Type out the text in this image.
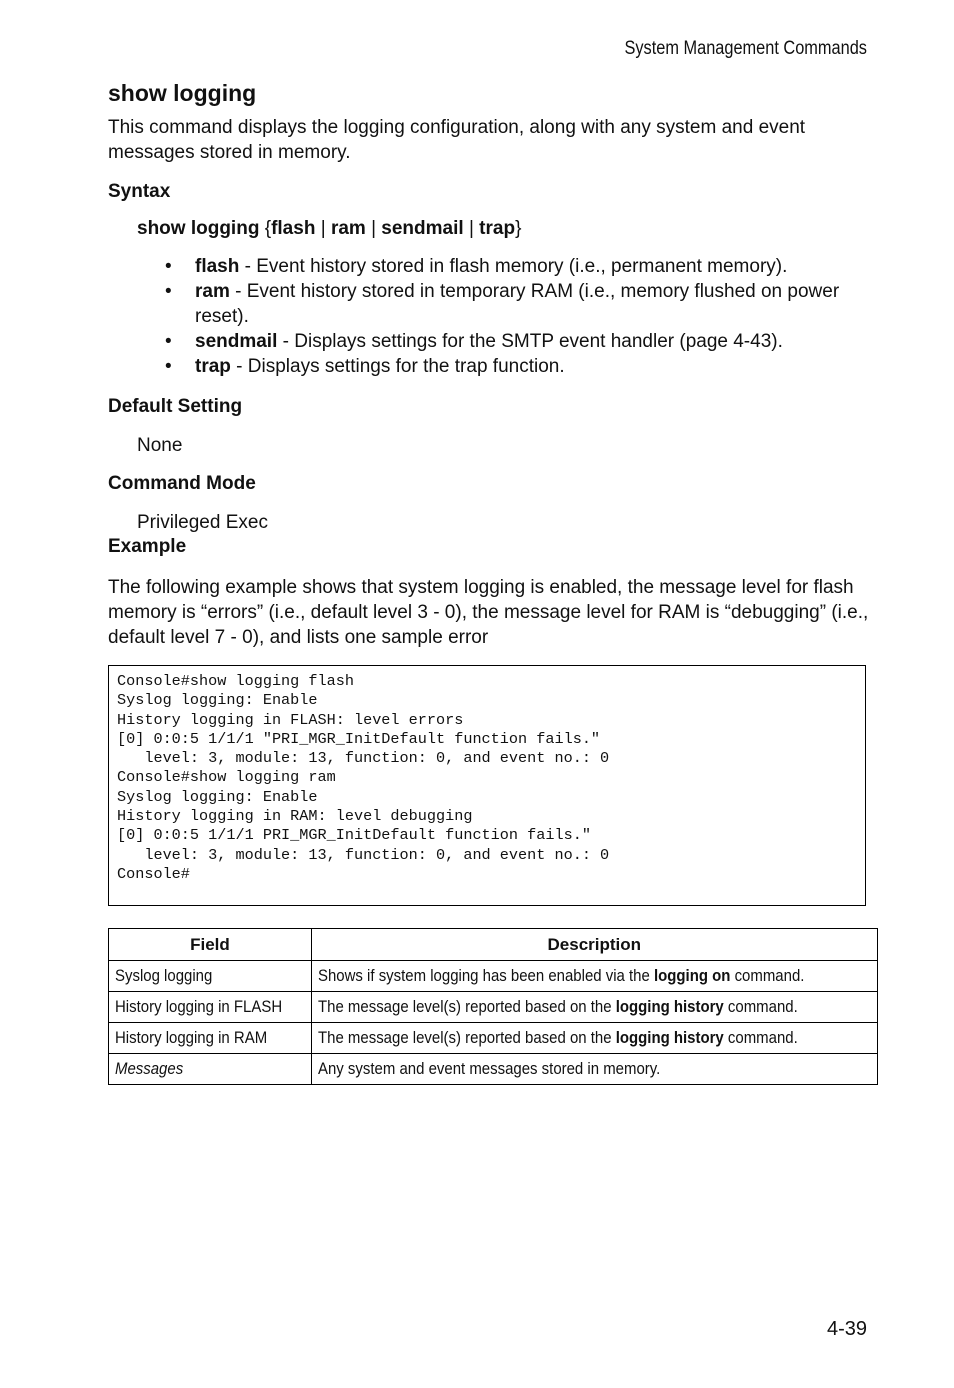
System Management Commands
show logging
This command displays the logging configuration, along with any system and event messages stored in memory.
Syntax
show logging {flash | ram | sendmail | trap}
• flash - Event history stored in flash memory (i.e., permanent memory).
• ram - Event history stored in temporary RAM (i.e., memory flushed on power reset).
• sendmail - Displays settings for the SMTP event handler (page 4-43).
• trap - Displays settings for the trap function.
Default Setting
None
Command Mode
Privileged Exec
Example
The following example shows that system logging is enabled, the message level for flash memory is “errors” (i.e., default level 3 - 0), the message level for RAM is “debugging” (i.e., default level 7 - 0), and lists one sample error
Console#show logging flash
Syslog logging: Enable
History logging in FLASH: level errors
[0] 0:0:5 1/1/1 "PRI_MGR_InitDefault function fails."
level: 3, module: 13, function: 0, and event no.: 0
Console#show logging ram
Syslog logging: Enable
History logging in RAM: level debugging
[0] 0:0:5 1/1/1 PRI_MGR_InitDefault function fails."
level: 3, module: 13, function: 0, and event no.: 0
Console#
Field	Description
Syslog logging	Shows if system logging has been enabled via the logging on command.
History logging in FLASH	The message level(s) reported based on the logging history command.
History logging in RAM	The message level(s) reported based on the logging history command.
Messages	Any system and event messages stored in memory.
4-39
